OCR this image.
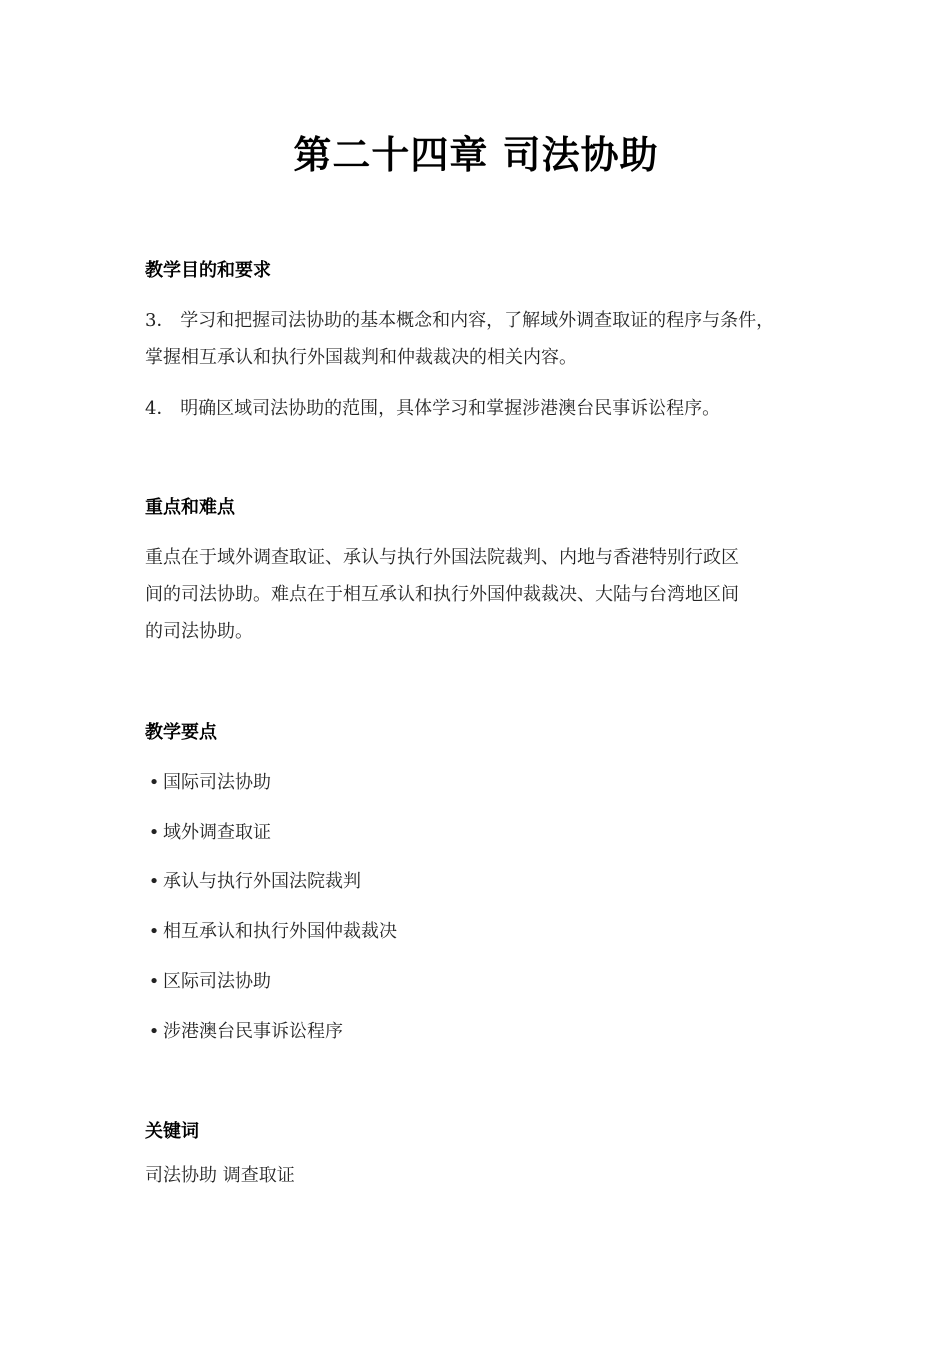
第二十四章 司法协助
教学目的和要求
3． 学习和把握司法协助的基本概念和内容，了解域外调查取证的程序与条件，
掌握相互承认和执行外国裁判和仲裁裁决的相关内容。
4． 明确区域司法协助的范围，具体学习和掌握涉港澳台民事诉讼程序。
重点和难点
重点在于域外调查取证、承认与执行外国法院裁判、内地与香港特别行政区
间的司法协助。难点在于相互承认和执行外国仲裁裁决、大陆与台湾地区间
的司法协助。
教学要点
• 国际司法协助
• 域外调查取证
• 承认与执行外国法院裁判
• 相互承认和执行外国仲裁裁决
• 区际司法协助
• 涉港澳台民事诉讼程序
关键词
司法协助 调查取证
